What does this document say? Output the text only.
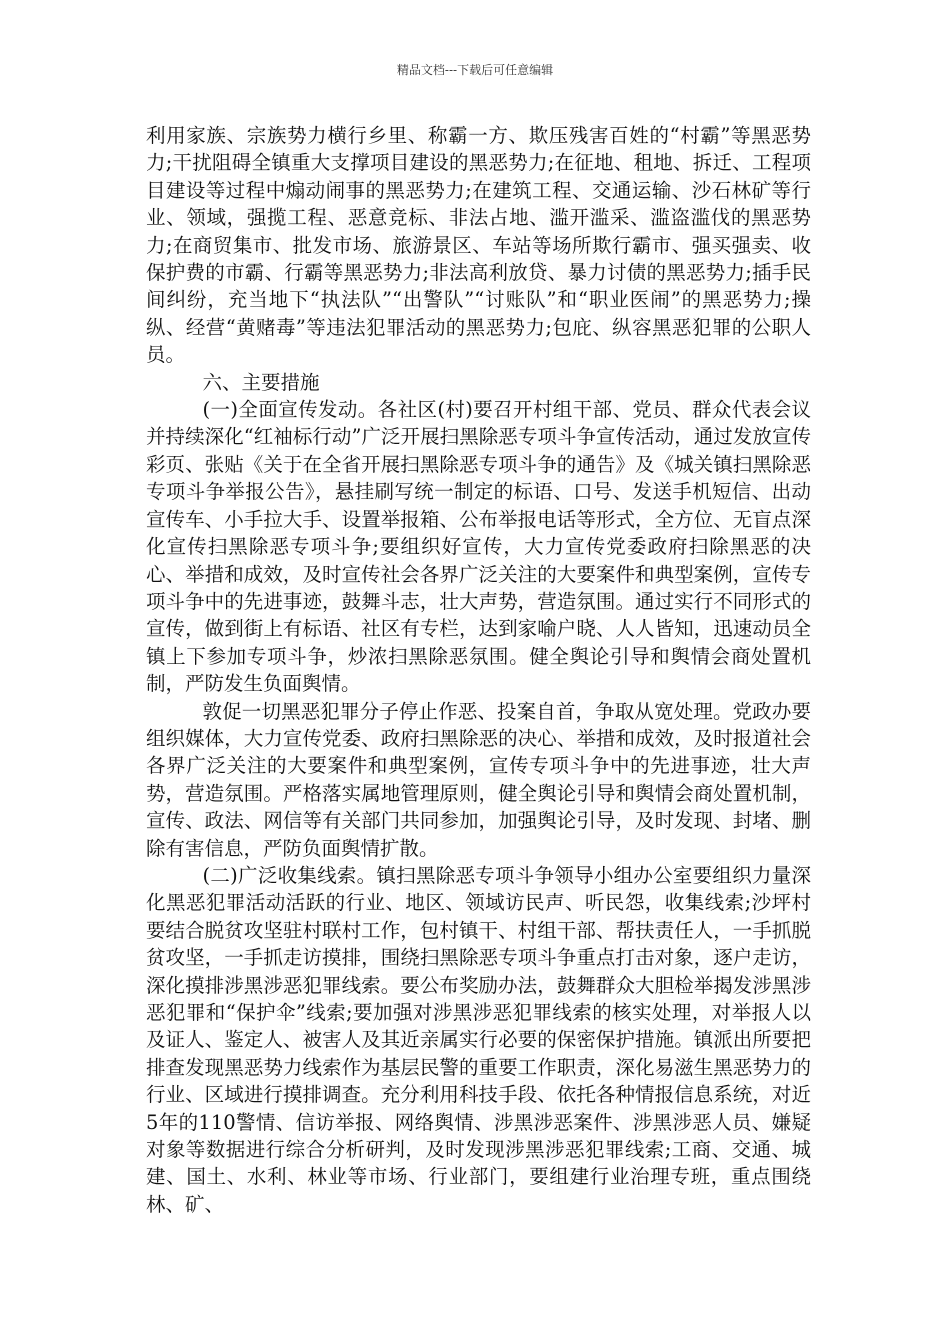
精品文档---下载后可任意编辑

利用家族、宗族势力横行乡里、称霸一方、欺压残害百姓的“村霸”等黑恶势力;干扰阻碍全镇重大支撑项目建设的黑恶势力;在征地、租地、拆迁、工程项目建设等过程中煽动闹事的黑恶势力;在建筑工程、交通运输、沙石林矿等行业、领域，强揽工程、恶意竞标、非法占地、滥开滥采、滥盗滥伐的黑恶势力;在商贸集市、批发市场、旅游景区、车站等场所欺行霸市、强买强卖、收保护费的市霸、行霸等黑恶势力;非法高利放贷、暴力讨债的黑恶势力;插手民间纠纷，充当地下“执法队”“出警队”“讨账队”和“职业医闹”的黑恶势力;操纵、经营“黄赌毒”等违法犯罪活动的黑恶势力;包庇、纵容黑恶犯罪的公职人员。

六、主要措施

(一)全面宣传发动。各社区(村)要召开村组干部、党员、群众代表会议并持续深化“红袖标行动”广泛开展扫黑除恶专项斗争宣传活动，通过发放宣传彩页、张贴《关于在全省开展扫黑除恶专项斗争的通告》及《城关镇扫黑除恶专项斗争举报公告》，悬挂刷写统一制定的标语、口号、发送手机短信、出动宣传车、小手拉大手、设置举报箱、公布举报电话等形式，全方位、无盲点深化宣传扫黑除恶专项斗争;要组织好宣传，大力宣传党委政府扫除黑恶的决心、举措和成效，及时宣传社会各界广泛关注的大要案件和典型案例，宣传专项斗争中的先进事迹，鼓舞斗志，壮大声势，营造氛围。通过实行不同形式的宣传，做到街上有标语、社区有专栏，达到家喻户晓、人人皆知，迅速动员全镇上下参加专项斗争，炒浓扫黑除恶氛围。健全舆论引导和舆情会商处置机制，严防发生负面舆情。

敦促一切黑恶犯罪分子停止作恶、投案自首，争取从宽处理。党政办要组织媒体，大力宣传党委、政府扫黑除恶的决心、举措和成效，及时报道社会各界广泛关注的大要案件和典型案例，宣传专项斗争中的先进事迹，壮大声势，营造氛围。严格落实属地管理原则，健全舆论引导和舆情会商处置机制，宣传、政法、网信等有关部门共同参加，加强舆论引导，及时发现、封堵、删除有害信息，严防负面舆情扩散。

(二)广泛收集线索。镇扫黑除恶专项斗争领导小组办公室要组织力量深化黑恶犯罪活动活跃的行业、地区、领域访民声、听民怨，收集线索;沙坪村要结合脱贫攻坚驻村联村工作，包村镇干、村组干部、帮扶责任人，一手抓脱贫攻坚，一手抓走访摸排，围绕扫黑除恶专项斗争重点打击对象，逐户走访，深化摸排涉黑涉恶犯罪线索。要公布奖励办法，鼓舞群众大胆检举揭发涉黑涉恶犯罪和“保护伞”线索;要加强对涉黑涉恶犯罪线索的核实处理，对举报人以及证人、鉴定人、被害人及其近亲属实行必要的保密保护措施。镇派出所要把排查发现黑恶势力线索作为基层民警的重要工作职责，深化易滋生黑恶势力的行业、区域进行摸排调查。充分利用科技手段、依托各种情报信息系统，对近5年的110警情、信访举报、网络舆情、涉黑涉恶案件、涉黑涉恶人员、嫌疑对象等数据进行综合分析研判，及时发现涉黑涉恶犯罪线索;工商、交通、城建、国土、水利、林业等市场、行业部门，要组建行业治理专班，重点围绕林、矿、
